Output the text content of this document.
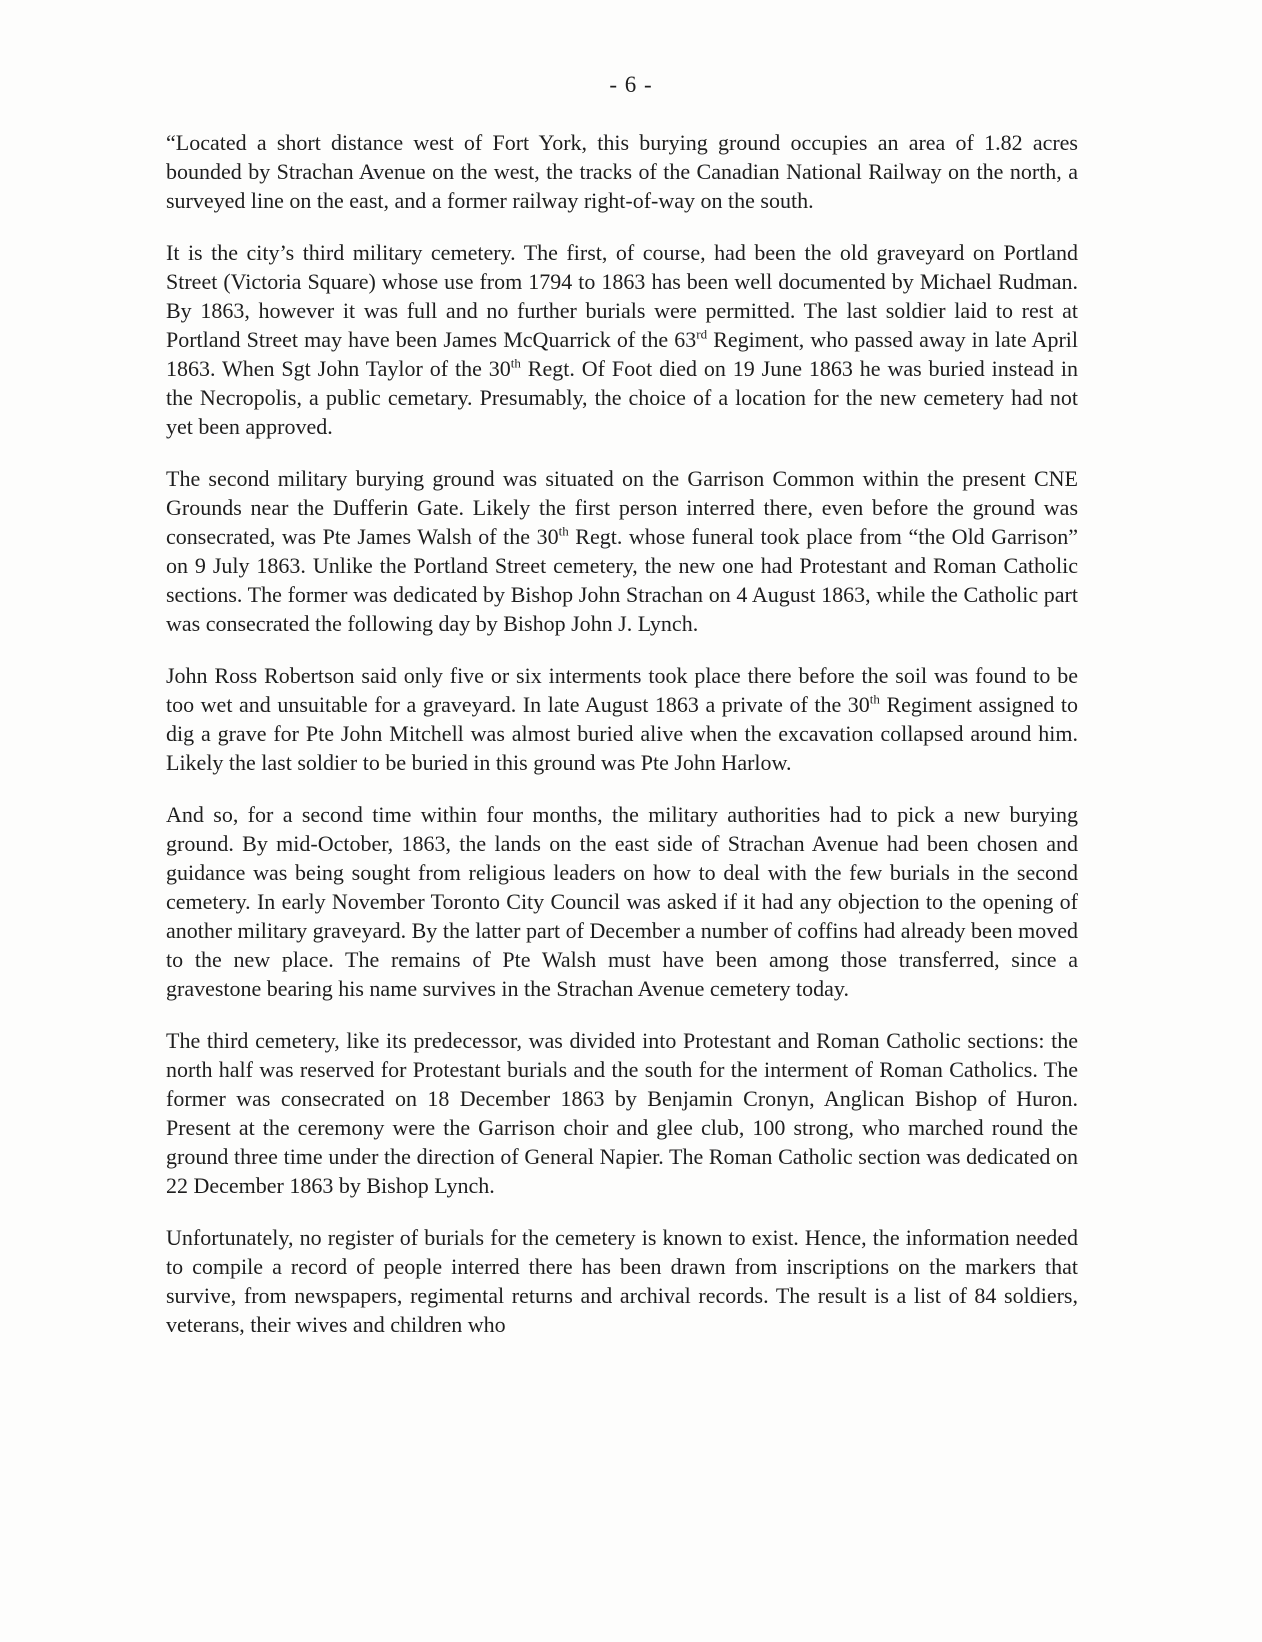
- 6 -

“Located a short distance west of Fort York, this burying ground occupies an area of 1.82 acres bounded by Strachan Avenue on the west, the tracks of the Canadian National Railway on the north, a surveyed line on the east, and a former railway right-of-way on the south.

It is the city’s third military cemetery. The first, of course, had been the old graveyard on Portland Street (Victoria Square) whose use from 1794 to 1863 has been well documented by Michael Rudman. By 1863, however it was full and no further burials were permitted. The last soldier laid to rest at Portland Street may have been James McQuarrick of the 63rd Regiment, who passed away in late April 1863. When Sgt John Taylor of the 30th Regt. Of Foot died on 19 June 1863 he was buried instead in the Necropolis, a public cemetary. Presumably, the choice of a location for the new cemetery had not yet been approved.

The second military burying ground was situated on the Garrison Common within the present CNE Grounds near the Dufferin Gate. Likely the first person interred there, even before the ground was consecrated, was Pte James Walsh of the 30th Regt. whose funeral took place from “the Old Garrison” on 9 July 1863. Unlike the Portland Street cemetery, the new one had Protestant and Roman Catholic sections. The former was dedicated by Bishop John Strachan on 4 August 1863, while the Catholic part was consecrated the following day by Bishop John J. Lynch.

John Ross Robertson said only five or six interments took place there before the soil was found to be too wet and unsuitable for a graveyard. In late August 1863 a private of the 30th Regiment assigned to dig a grave for Pte John Mitchell was almost buried alive when the excavation collapsed around him. Likely the last soldier to be buried in this ground was Pte John Harlow.

And so, for a second time within four months, the military authorities had to pick a new burying ground. By mid-October, 1863, the lands on the east side of Strachan Avenue had been chosen and guidance was being sought from religious leaders on how to deal with the few burials in the second cemetery. In early November Toronto City Council was asked if it had any objection to the opening of another military graveyard. By the latter part of December a number of coffins had already been moved to the new place. The remains of Pte Walsh must have been among those transferred, since a gravestone bearing his name survives in the Strachan Avenue cemetery today.

The third cemetery, like its predecessor, was divided into Protestant and Roman Catholic sections: the north half was reserved for Protestant burials and the south for the interment of Roman Catholics. The former was consecrated on 18 December 1863 by Benjamin Cronyn, Anglican Bishop of Huron. Present at the ceremony were the Garrison choir and glee club, 100 strong, who marched round the ground three time under the direction of General Napier. The Roman Catholic section was dedicated on 22 December 1863 by Bishop Lynch.

Unfortunately, no register of burials for the cemetery is known to exist. Hence, the information needed to compile a record of people interred there has been drawn from inscriptions on the markers that survive, from newspapers, regimental returns and archival records. The result is a list of 84 soldiers, veterans, their wives and children who
